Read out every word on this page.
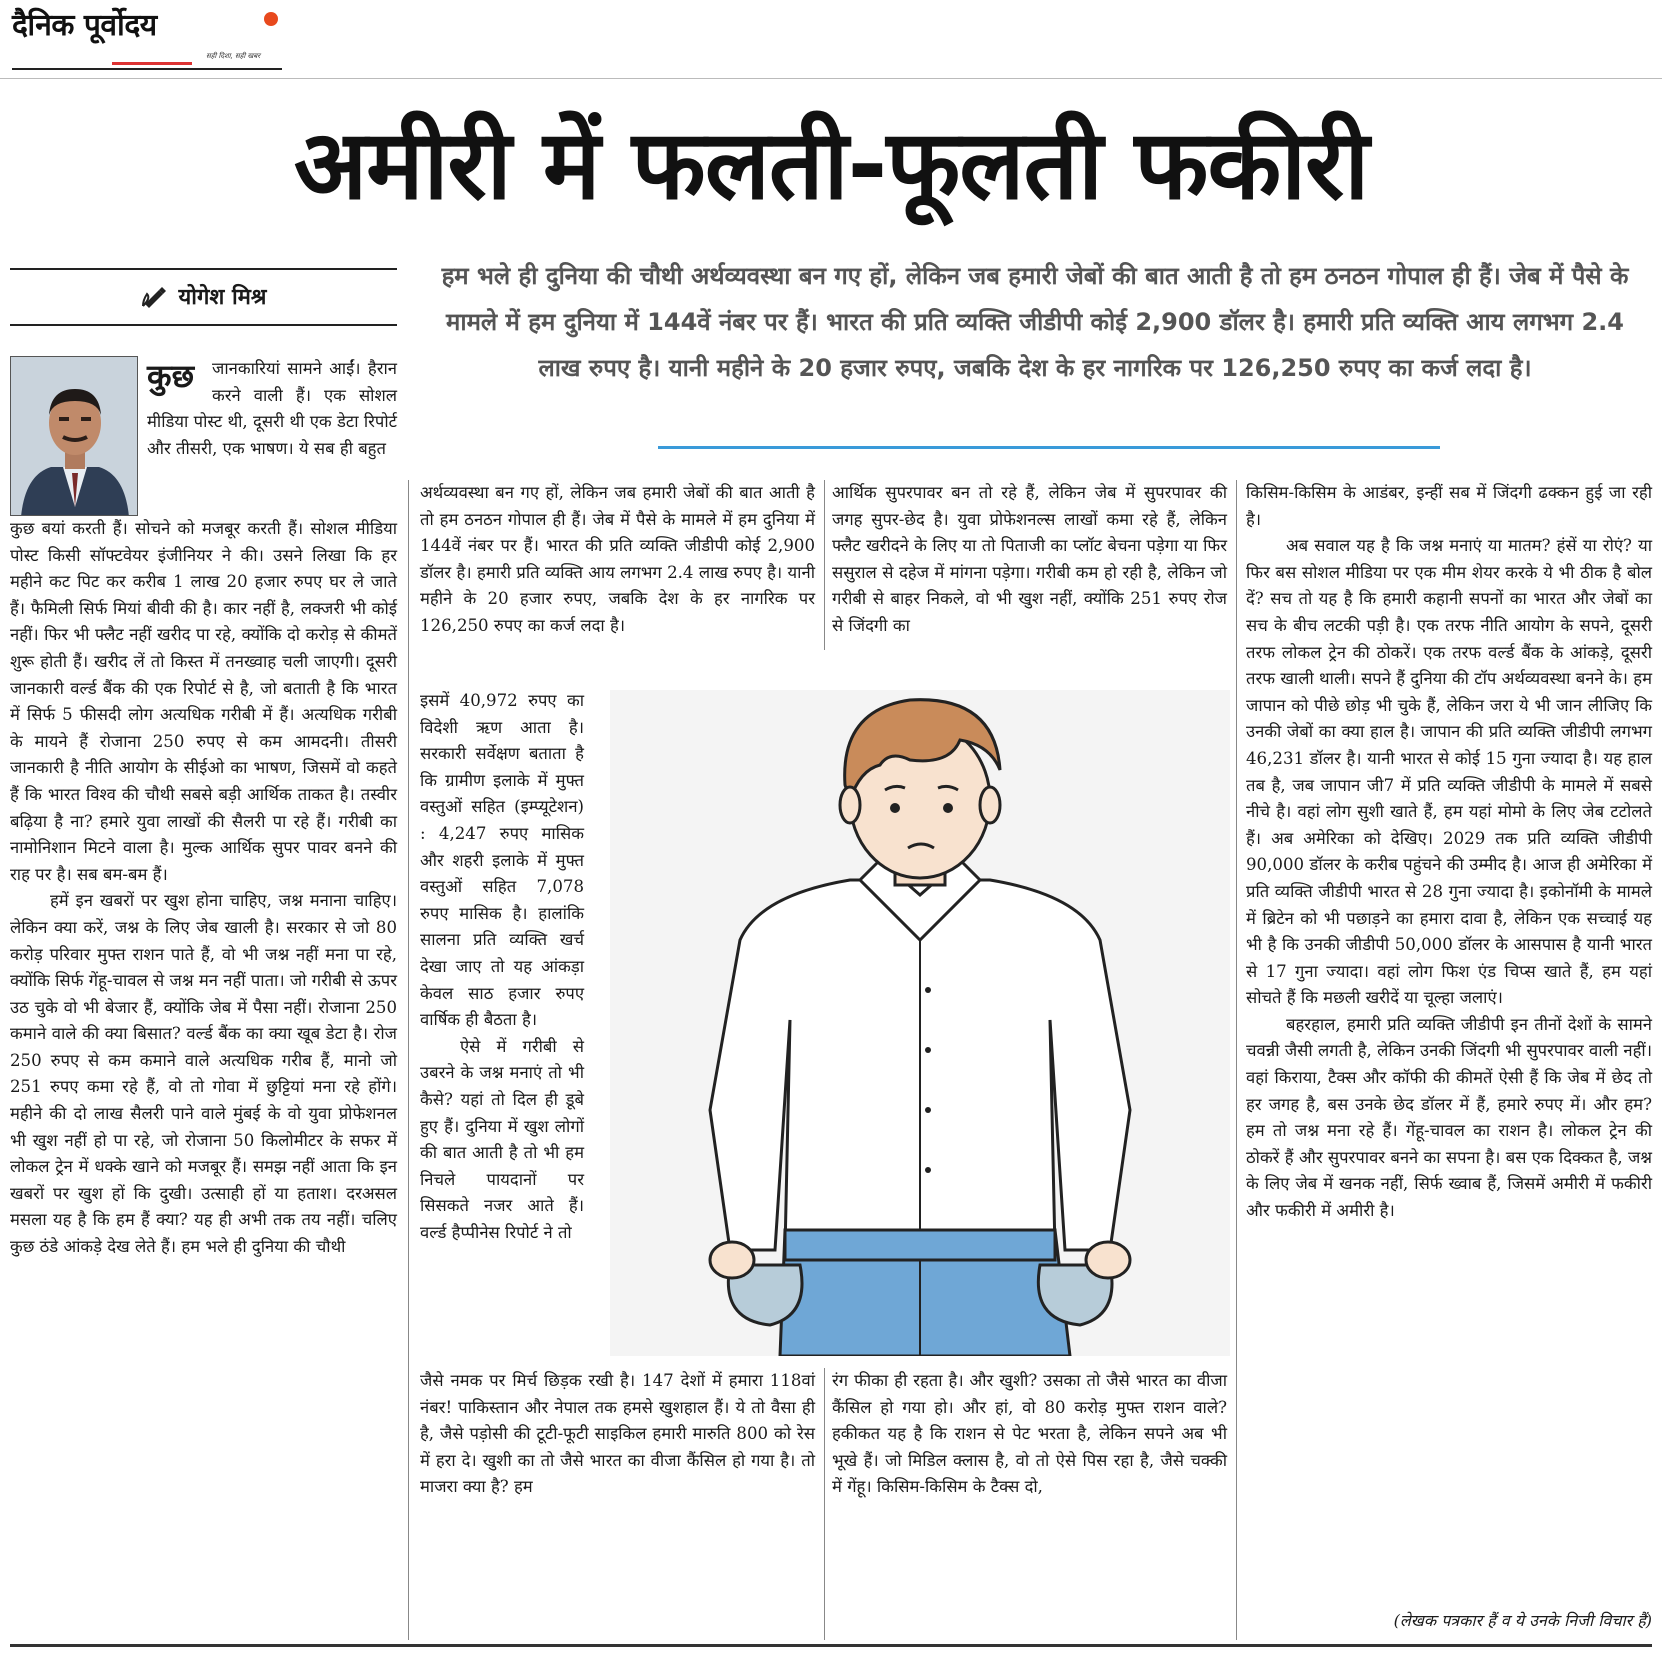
दैनिक पूर्वोदय
सही दिशा, सही खबर
अमीरी में फलती-फूलती फकीरी
योगेश मिश्र

हम भले ही दुनिया की चौथी अर्थव्यवस्था बन गए हों, लेकिन जब हमारी जेबों की बात आती है तो हम ठनठन गोपाल ही हैं। जेब में पैसे के मामले में हम दुनिया में 144वें नंबर पर हैं। भारत की प्रति व्यक्ति जीडीपी कोई 2,900 डॉलर है। हमारी प्रति व्यक्ति आय लगभग 2.4 लाख रुपए है। यानी महीने के 20 हजार रुपए, जबकि देश के हर नागरिक पर 126,250 रुपए का कर्ज लदा है।

कुछ जानकारियां सामने आईं। हैरान करने वाली हैं। एक सोशल मीडिया पोस्ट थी, दूसरी थी एक डेटा रिपोर्ट और तीसरी, एक भाषण। ये सब ही बहुत

कुछ बयां करती हैं। सोचने को मजबूर करती हैं। सोशल मीडिया पोस्ट किसी सॉफ्टवेयर इंजीनियर ने की। उसने लिखा कि हर महीने कट पिट कर करीब 1 लाख 20 हजार रुपए घर ले जाते हैं। फैमिली सिर्फ मियां बीवी की है। कार नहीं है, लक्जरी भी कोई नहीं। फिर भी फ्लैट नहीं खरीद पा रहे, क्योंकि दो करोड़ से कीमतें शुरू होती हैं। खरीद लें तो किस्त में तनख्वाह चली जाएगी। दूसरी जानकारी वर्ल्ड बैंक की एक रिपोर्ट से है, जो बताती है कि भारत में सिर्फ 5 फीसदी लोग अत्यधिक गरीबी में हैं। अत्यधिक गरीबी के मायने हैं रोजाना 250 रुपए से कम आमदनी। तीसरी जानकारी है नीति आयोग के सीईओ का भाषण, जिसमें वो कहते हैं कि भारत विश्व की चौथी सबसे बड़ी आर्थिक ताकत है। तस्वीर बढ़िया है ना? हमारे युवा लाखों की सैलरी पा रहे हैं। गरीबी का नामोनिशान मिटने वाला है। मुल्क आर्थिक सुपर पावर बनने की राह पर है। सब बम-बम हैं।

हमें इन खबरों पर खुश होना चाहिए, जश्न मनाना चाहिए। लेकिन क्या करें, जश्न के लिए जेब खाली है। सरकार से जो 80 करोड़ परिवार मुफ्त राशन पाते हैं, वो भी जश्न नहीं मना पा रहे, क्योंकि सिर्फ गेंहू-चावल से जश्न मन नहीं पाता। जो गरीबी से ऊपर उठ चुके वो भी बेजार हैं, क्योंकि जेब में पैसा नहीं। रोजाना 250 कमाने वाले की क्या बिसात? वर्ल्ड बैंक का क्या खूब डेटा है। रोज 250 रुपए से कम कमाने वाले अत्यधिक गरीब हैं, मानो जो 251 रुपए कमा रहे हैं, वो तो गोवा में छुट्टियां मना रहे होंगे। महीने की दो लाख सैलरी पाने वाले मुंबई के वो युवा प्रोफेशनल भी खुश नहीं हो पा रहे, जो रोजाना 50 किलोमीटर के सफर में लोकल ट्रेन में धक्के खाने को मजबूर हैं। समझ नहीं आता कि इन खबरों पर खुश हों कि दुखी। उत्साही हों या हताश। दरअसल मसला यह है कि हम हैं क्या? यह ही अभी तक तय नहीं। चलिए कुछ ठंडे आंकड़े देख लेते हैं। हम भले ही दुनिया की चौथी

अर्थव्यवस्था बन गए हों, लेकिन जब हमारी जेबों की बात आती है तो हम ठनठन गोपाल ही हैं। जेब में पैसे के मामले में हम दुनिया में 144वें नंबर पर हैं। भारत की प्रति व्यक्ति जीडीपी कोई 2,900 डॉलर है। हमारी प्रति व्यक्ति आय लगभग 2.4 लाख रुपए है। यानी महीने के 20 हजार रुपए, जबकि देश के हर नागरिक पर 126,250 रुपए का कर्ज लदा है।

इसमें 40,972 रुपए का विदेशी ऋण आता है। सरकारी सर्वेक्षण बताता है कि ग्रामीण इलाके में मुफ्त वस्तुओं सहित (इम्प्यूटेशन) : 4,247 रुपए मासिक और शहरी इलाके में मुफ्त वस्तुओं सहित 7,078 रुपए मासिक है। हालांकि सालना प्रति व्यक्ति खर्च देखा जाए तो यह आंकड़ा केवल साठ हजार रुपए वार्षिक ही बैठता है।

ऐसे में गरीबी से उबरने के जश्न मनाएं तो भी कैसे? यहां तो दिल ही डूबे हुए हैं। दुनिया में खुश लोगों की बात आती है तो भी हम निचले पायदानों पर सिसकते नजर आते हैं। वर्ल्ड हैप्पीनेस रिपोर्ट ने तो

जैसे नमक पर मिर्च छिड़क रखी है। 147 देशों में हमारा 118वां नंबर! पाकिस्तान और नेपाल तक हमसे खुशहाल हैं। ये तो वैसा ही है, जैसे पड़ोसी की टूटी-फूटी साइकिल हमारी मारुति 800 को रेस में हरा दे। खुशी का तो जैसे भारत का वीजा कैंसिल हो गया है। तो माजरा क्या है? हम

आर्थिक सुपरपावर बन तो रहे हैं, लेकिन जेब में सुपरपावर की जगह सुपर-छेद है। युवा प्रोफेशनल्स लाखों कमा रहे हैं, लेकिन फ्लैट खरीदने के लिए या तो पिताजी का प्लॉट बेचना पड़ेगा या फिर ससुराल से दहेज में मांगना पड़ेगा। गरीबी कम हो रही है, लेकिन जो गरीबी से बाहर निकले, वो भी खुश नहीं, क्योंकि 251 रुपए रोज से जिंदगी का

रंग फीका ही रहता है। और खुशी? उसका तो जैसे भारत का वीजा कैंसिल हो गया हो। और हां, वो 80 करोड़ मुफ्त राशन वाले? हकीकत यह है कि राशन से पेट भरता है, लेकिन सपने अब भी भूखे हैं। जो मिडिल क्लास है, वो तो ऐसे पिस रहा है, जैसे चक्की में गेंहू। किसिम-किसिम के टैक्स दो,

किसिम-किसिम के आडंबर, इन्हीं सब में जिंदगी ढक्कन हुई जा रही है।

अब सवाल यह है कि जश्न मनाएं या मातम? हंसें या रोएं? या फिर बस सोशल मीडिया पर एक मीम शेयर करके ये भी ठीक है बोल दें? सच तो यह है कि हमारी कहानी सपनों का भारत और जेबों का सच के बीच लटकी पड़ी है। एक तरफ नीति आयोग के सपने, दूसरी तरफ लोकल ट्रेन की ठोकरें। एक तरफ वर्ल्ड बैंक के आंकड़े, दूसरी तरफ खाली थाली। सपने हैं दुनिया की टॉप अर्थव्यवस्था बनने के। हम जापान को पीछे छोड़ भी चुके हैं, लेकिन जरा ये भी जान लीजिए कि उनकी जेबों का क्या हाल है। जापान की प्रति व्यक्ति जीडीपी लगभग 46,231 डॉलर है। यानी भारत से कोई 15 गुना ज्यादा है। यह हाल तब है, जब जापान जी7 में प्रति व्यक्ति जीडीपी के मामले में सबसे नीचे है। वहां लोग सुशी खाते हैं, हम यहां मोमो के लिए जेब टटोलते हैं। अब अमेरिका को देखिए। 2029 तक प्रति व्यक्ति जीडीपी 90,000 डॉलर के करीब पहुंचने की उम्मीद है। आज ही अमेरिका में प्रति व्यक्ति जीडीपी भारत से 28 गुना ज्यादा है। इकोनॉमी के मामले में ब्रिटेन को भी पछाड़ने का हमारा दावा है, लेकिन एक सच्चाई यह भी है कि उनकी जीडीपी 50,000 डॉलर के आसपास है यानी भारत से 17 गुना ज्यादा। वहां लोग फिश एंड चिप्स खाते हैं, हम यहां सोचते हैं कि मछली खरीदें या चूल्हा जलाएं।

बहरहाल, हमारी प्रति व्यक्ति जीडीपी इन तीनों देशों के सामने चवन्नी जैसी लगती है, लेकिन उनकी जिंदगी भी सुपरपावर वाली नहीं। वहां किराया, टैक्स और कॉफी की कीमतें ऐसी हैं कि जेब में छेद तो हर जगह है, बस उनके छेद डॉलर में हैं, हमारे रुपए में। और हम? हम तो जश्न मना रहे हैं। गेंहू-चावल का राशन है। लोकल ट्रेन की ठोकरें हैं और सुपरपावर बनने का सपना है। बस एक दिक्कत है, जश्न के लिए जेब में खनक नहीं, सिर्फ ख्वाब हैं, जिसमें अमीरी में फकीरी और फकीरी में अमीरी है।

(लेखक पत्रकार हैं व ये उनके निजी विचार हैं)
